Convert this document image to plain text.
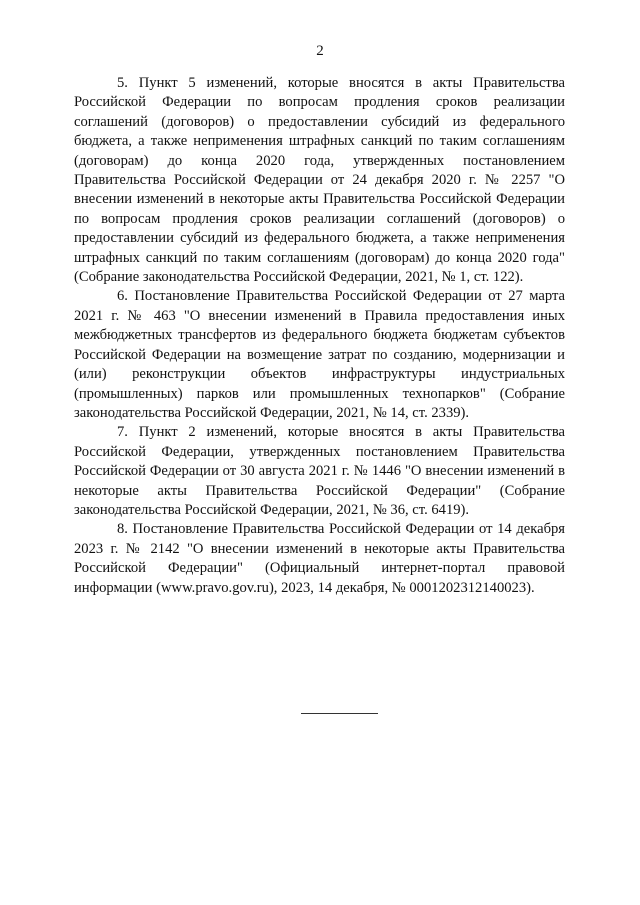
2

5. Пункт 5 изменений, которые вносятся в акты Правительства Российской Федерации по вопросам продления сроков реализации соглашений (договоров) о предоставлении субсидий из федерального бюджета, а также неприменения штрафных санкций по таким соглашениям (договорам) до конца 2020 года, утвержденных постановлением Правительства Российской Федерации от 24 декабря 2020 г. № 2257 "О внесении изменений в некоторые акты Правительства Российской Федерации по вопросам продления сроков реализации соглашений (договоров) о предоставлении субсидий из федерального бюджета, а также неприменения штрафных санкций по таким соглашениям (договорам) до конца 2020 года" (Собрание законодательства Российской Федерации, 2021, № 1, ст. 122).

6. Постановление Правительства Российской Федерации от 27 марта 2021 г. № 463 "О внесении изменений в Правила предоставления иных межбюджетных трансфертов из федерального бюджета бюджетам субъектов Российской Федерации на возмещение затрат по созданию, модернизации и (или) реконструкции объектов инфраструктуры индустриальных (промышленных) парков или промышленных технопарков" (Собрание законодательства Российской Федерации, 2021, № 14, ст. 2339).

7. Пункт 2 изменений, которые вносятся в акты Правительства Российской Федерации, утвержденных постановлением Правительства Российской Федерации от 30 августа 2021 г. № 1446 "О внесении изменений в некоторые акты Правительства Российской Федерации" (Собрание законодательства Российской Федерации, 2021, № 36, ст. 6419).

8. Постановление Правительства Российской Федерации от 14 декабря 2023 г. № 2142 "О внесении изменений в некоторые акты Правительства Российской Федерации" (Официальный интернет-портал правовой информации (www.pravo.gov.ru), 2023, 14 декабря, № 0001202312140023).
